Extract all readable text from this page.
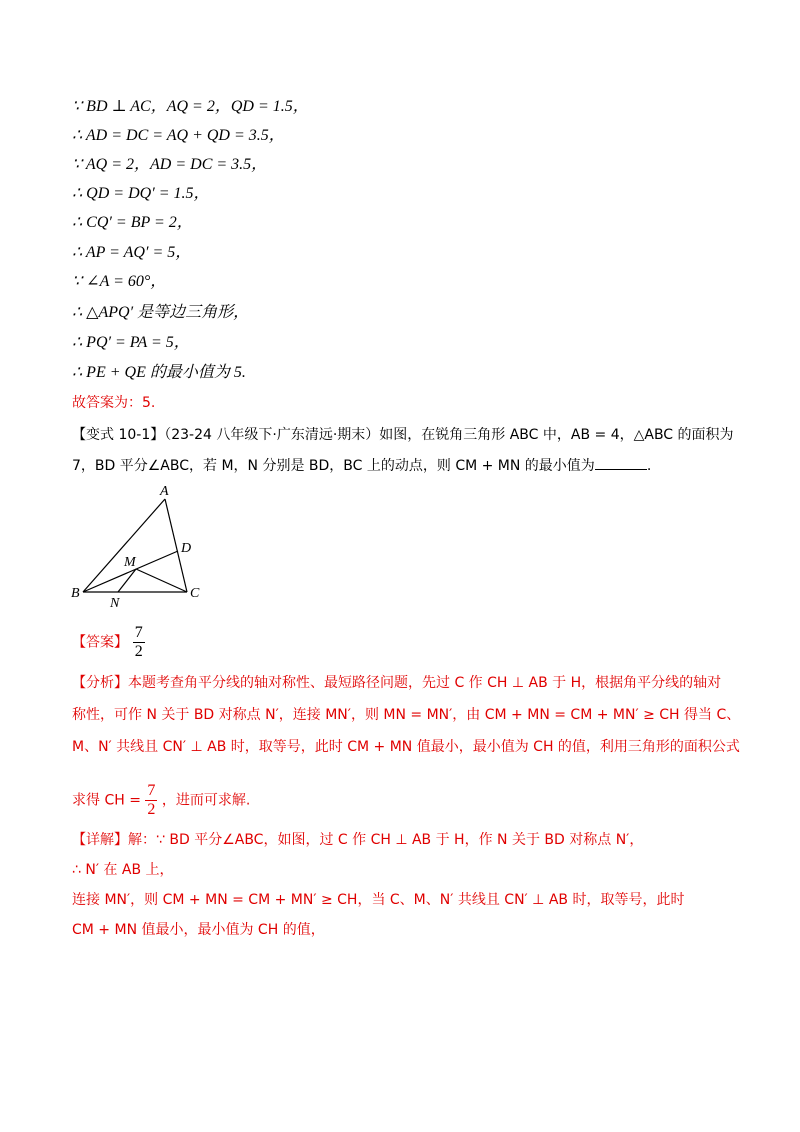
∵ BD ⊥ AC，AQ = 2，QD = 1.5，
∴ AD = DC = AQ + QD = 3.5，
∵ AQ = 2，AD = DC = 3.5，
∴ QD = DQ′ = 1.5，
∴ CQ′ = BP = 2，
∴ AP = AQ′ = 5，
∵ ∠A = 60°，
∴ △APQ′ 是等边三角形，
∴ PQ′ = PA = 5，
∴ PE + QE 的最小值为 5.
故答案为：5.
【变式 10-1】（23-24 八年级下·广东清远·期末）如图，在锐角三角形 ABC 中，AB = 4，△ABC 的面积为
7，BD 平分∠ABC，若 M，N 分别是 BD，BC 上的动点，则 CM + MN 的最小值为	.
A
B	C
D
M
N
【答案】 $\frac{7}{2}$
【分析】本题考查角平分线的轴对称性、最短路径问题，先过 C 作 CH ⊥ AB 于 H，根据角平分线的轴对
称性，可作 N 关于 BD 对称点 N′，连接 MN′，则 MN = MN′，由 CM + MN = CM + MN′ ≥ CH 得当 C、
M、N′ 共线且 CN′ ⊥ AB 时，取等号，此时 CM + MN 值最小，最小值为 CH 的值，利用三角形的面积公式
求得 CH = $\frac{7}{2}$ ，进而可求解.
【详解】解：∵ BD 平分∠ABC，如图，过 C 作 CH ⊥ AB 于 H，作 N 关于 BD 对称点 N′，
∴ N′ 在 AB 上，
连接 MN′，则 CM + MN = CM + MN′ ≥ CH，当 C、M、N′ 共线且 CN′ ⊥ AB 时，取等号，此时
CM + MN 值最小，最小值为 CH 的值，
